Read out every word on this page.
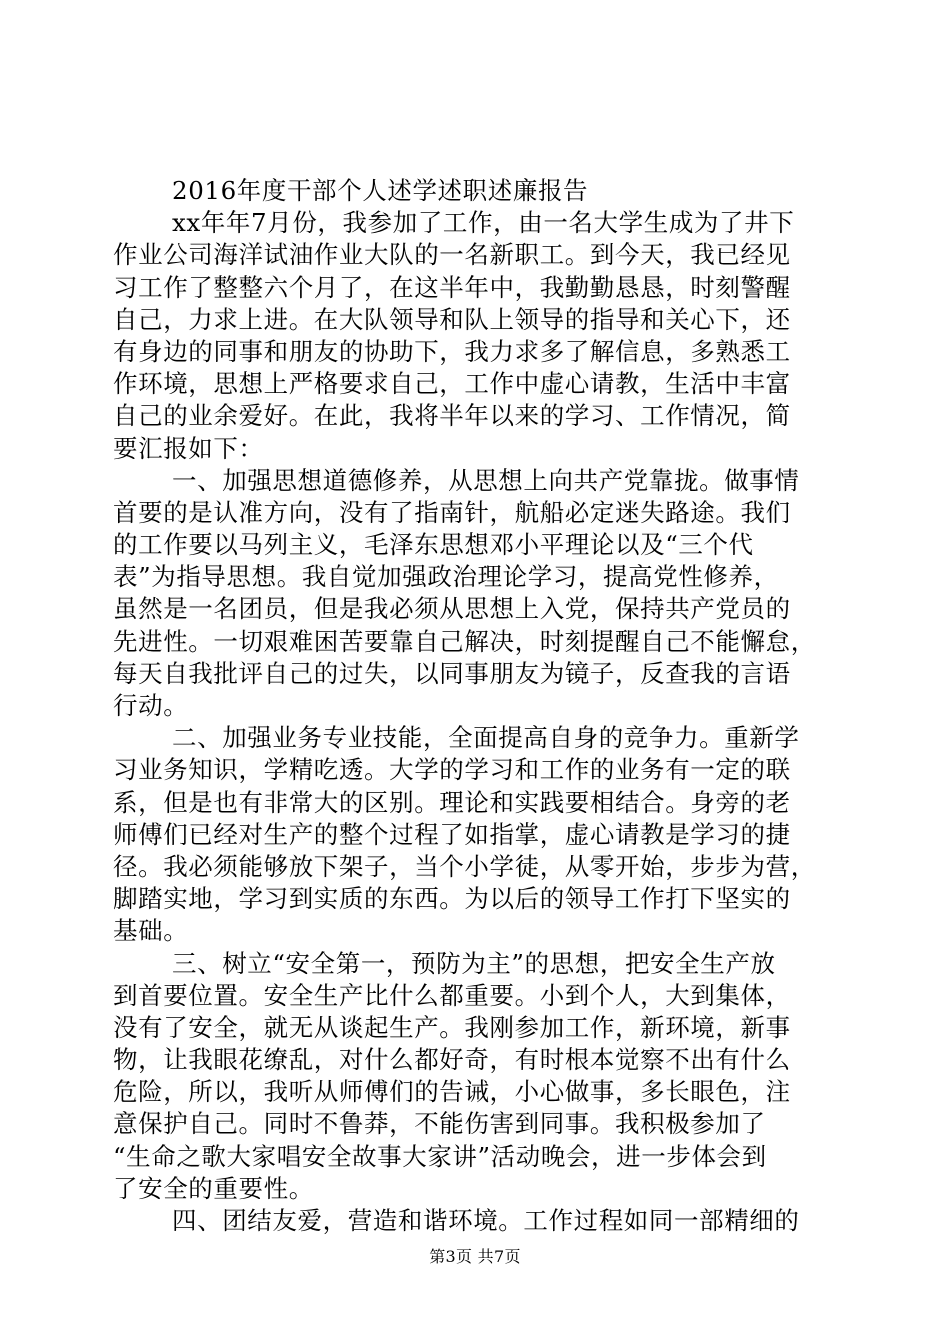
2016年度干部个人述学述职述廉报告
xx年年7月份，我参加了工作，由一名大学生成为了井下
作业公司海洋试油作业大队的一名新职工。到今天，我已经见
习工作了整整六个月了，在这半年中，我勤勤恳恳，时刻警醒
自己，力求上进。在大队领导和队上领导的指导和关心下，还
有身边的同事和朋友的协助下，我力求多了解信息，多熟悉工
作环境，思想上严格要求自己，工作中虚心请教，生活中丰富
自己的业余爱好。在此，我将半年以来的学习、工作情况，简
要汇报如下：
一、加强思想道德修养，从思想上向共产党靠拢。做事情
首要的是认准方向，没有了指南针，航船必定迷失路途。我们
的工作要以马列主义，毛泽东思想邓小平理论以及“三个代
表”为指导思想。我自觉加强政治理论学习，提高党性修养，
虽然是一名团员，但是我必须从思想上入党，保持共产党员的
先进性。一切艰难困苦要靠自己解决，时刻提醒自己不能懈怠，
每天自我批评自己的过失，以同事朋友为镜子，反查我的言语
行动。
二、加强业务专业技能，全面提高自身的竞争力。重新学
习业务知识，学精吃透。大学的学习和工作的业务有一定的联
系，但是也有非常大的区别。理论和实践要相结合。身旁的老
师傅们已经对生产的整个过程了如指掌，虚心请教是学习的捷
径。我必须能够放下架子，当个小学徒，从零开始，步步为营，
脚踏实地，学习到实质的东西。为以后的领导工作打下坚实的
基础。
三、树立“安全第一，预防为主”的思想，把安全生产放
到首要位置。安全生产比什么都重要。小到个人，大到集体，
没有了安全，就无从谈起生产。我刚参加工作，新环境，新事
物，让我眼花缭乱，对什么都好奇，有时根本觉察不出有什么
危险，所以，我听从师傅们的告诫，小心做事，多长眼色，注
意保护自己。同时不鲁莽，不能伤害到同事。我积极参加了
“生命之歌大家唱安全故事大家讲”活动晚会，进一步体会到
了安全的重要性。
四、团结友爱，营造和谐环境。工作过程如同一部精细的
第3页 共7页
